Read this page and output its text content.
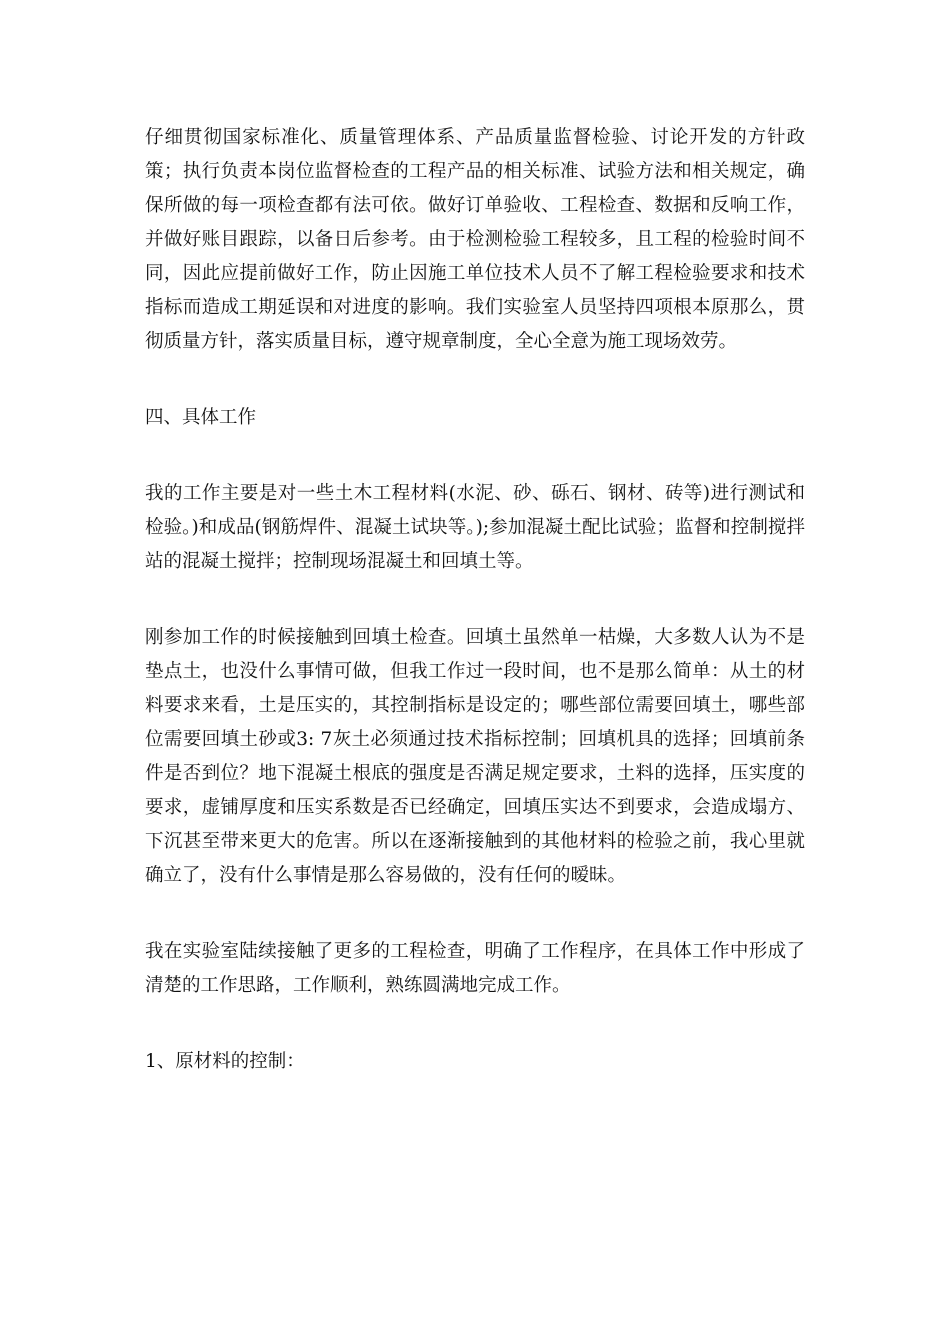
仔细贯彻国家标准化、质量管理体系、产品质量监督检验、讨论开发的方针政策；执行负责本岗位监督检查的工程产品的相关标准、试验方法和相关规定，确保所做的每一项检查都有法可依。做好订单验收、工程检查、数据和反响工作，并做好账目跟踪，以备日后参考。由于检测检验工程较多，且工程的检验时间不同，因此应提前做好工作，防止因施工单位技术人员不了解工程检验要求和技术指标而造成工期延误和对进度的影响。我们实验室人员坚持四项根本原那么，贯彻质量方针，落实质量目标，遵守规章制度，全心全意为施工现场效劳。

四、具体工作

我的工作主要是对一些土木工程材料(水泥、砂、砾石、钢材、砖等)进行测试和检验。)和成品(钢筋焊件、混凝土试块等。);参加混凝土配比试验；监督和控制搅拌站的混凝土搅拌；控制现场混凝土和回填土等。

刚参加工作的时候接触到回填土检查。回填土虽然单一枯燥，大多数人认为不是垫点土，也没什么事情可做，但我工作过一段时间，也不是那么简单：从土的材料要求来看，土是压实的，其控制指标是设定的；哪些部位需要回填土，哪些部位需要回填土砂或3: 7灰土必须通过技术指标控制；回填机具的选择；回填前条件是否到位？地下混凝土根底的强度是否满足规定要求，土料的选择，压实度的要求，虚铺厚度和压实系数是否已经确定，回填压实达不到要求，会造成塌方、下沉甚至带来更大的危害。所以在逐渐接触到的其他材料的检验之前，我心里就确立了，没有什么事情是那么容易做的，没有任何的暧昧。

我在实验室陆续接触了更多的工程检查，明确了工作程序，在具体工作中形成了清楚的工作思路，工作顺利，熟练圆满地完成工作。

1、原材料的控制：
